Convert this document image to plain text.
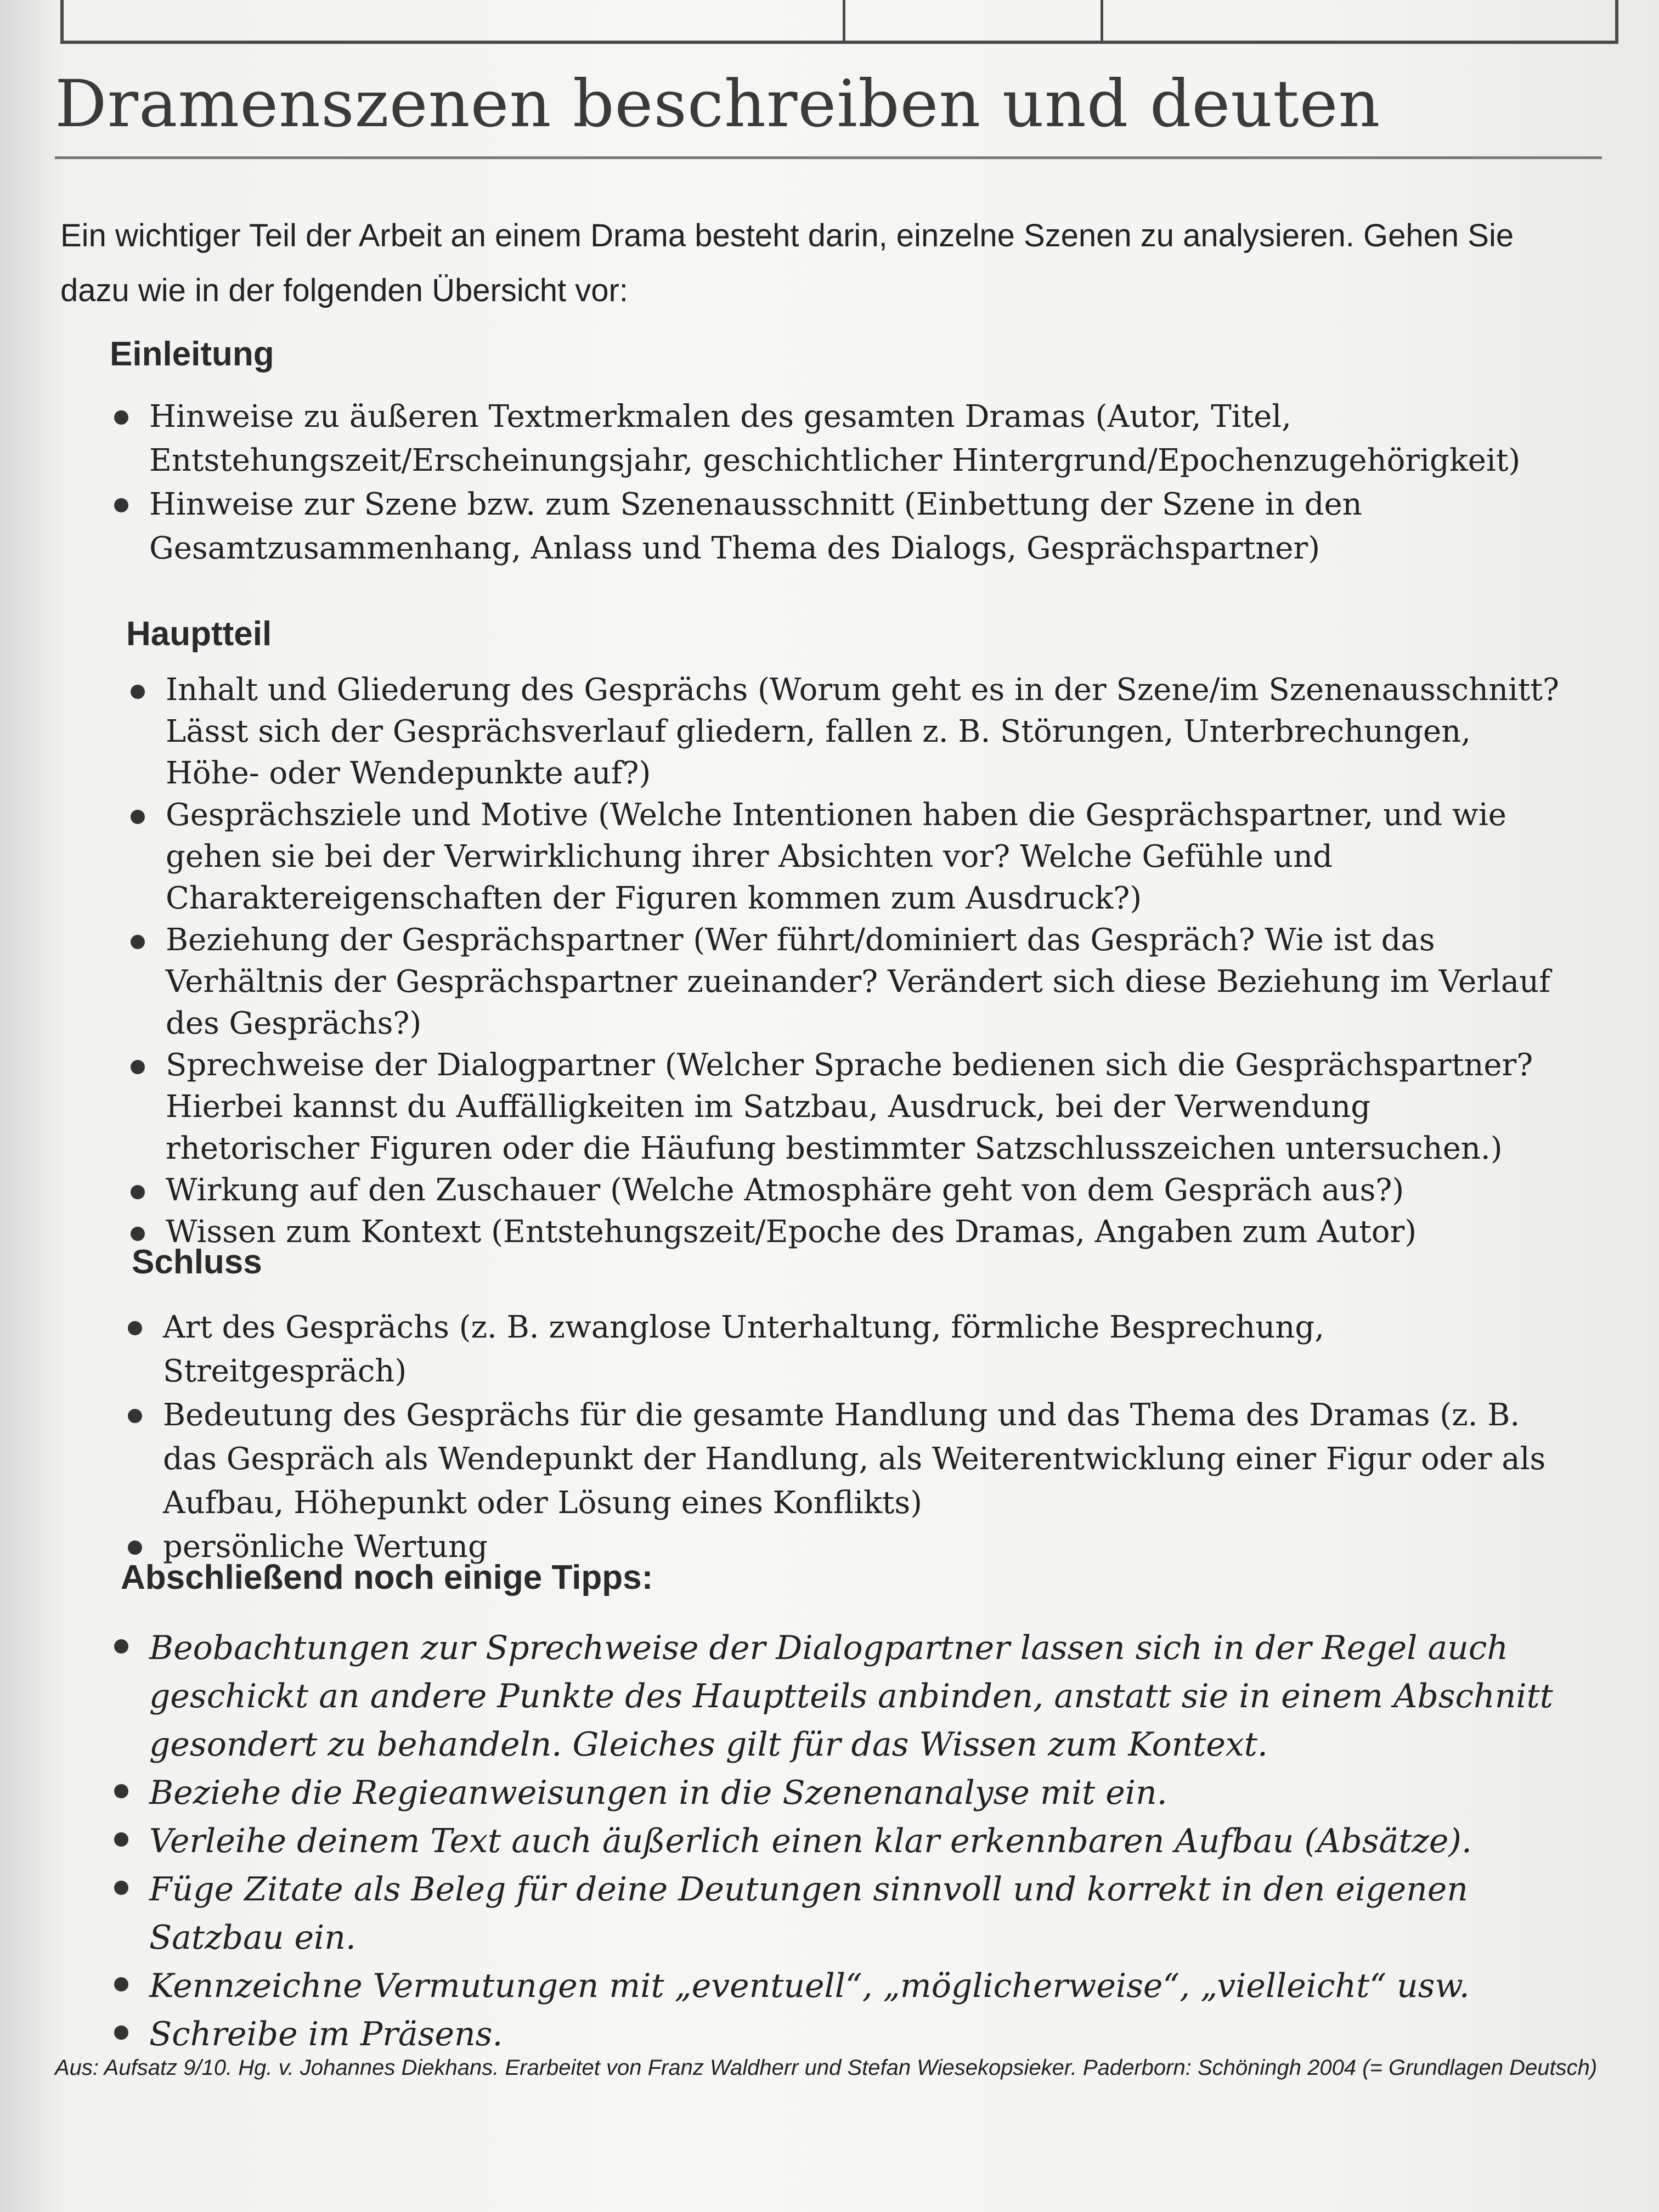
Dramenszenen beschreiben und deuten

Ein wichtiger Teil der Arbeit an einem Drama besteht darin, einzelne Szenen zu analysieren. Gehen Sie dazu wie in der folgenden Übersicht vor:

Einleitung
Hinweise zu äußeren Textmerkmalen des gesamten Dramas (Autor, Titel, Entstehungszeit/Erscheinungsjahr, geschichtlicher Hintergrund/Epochenzugehörigkeit)
Hinweise zur Szene bzw. zum Szenenausschnitt (Einbettung der Szene in den Gesamtzusammenhang, Anlass und Thema des Dialogs, Gesprächspartner)
Hauptteil
Inhalt und Gliederung des Gesprächs (Worum geht es in der Szene/im Szenenausschnitt? Lässt sich der Gesprächsverlauf gliedern, fallen z. B. Störungen, Unterbrechungen, Höhe- oder Wendepunkte auf?)
Gesprächsziele und Motive (Welche Intentionen haben die Gesprächspartner, und wie gehen sie bei der Verwirklichung ihrer Absichten vor? Welche Gefühle und Charaktereigenschaften der Figuren kommen zum Ausdruck?)
Beziehung der Gesprächspartner (Wer führt/dominiert das Gespräch? Wie ist das Verhältnis der Gesprächspartner zueinander? Verändert sich diese Beziehung im Verlauf des Gesprächs?)
Sprechweise der Dialogpartner (Welcher Sprache bedienen sich die Gesprächspartner? Hierbei kannst du Auffälligkeiten im Satzbau, Ausdruck, bei der Verwendung rhetorischer Figuren oder die Häufung bestimmter Satzschlusszeichen untersuchen.)
Wirkung auf den Zuschauer (Welche Atmosphäre geht von dem Gespräch aus?)
Wissen zum Kontext (Entstehungszeit/Epoche des Dramas, Angaben zum Autor)
Schluss
Art des Gesprächs (z. B. zwanglose Unterhaltung, förmliche Besprechung, Streitgespräch)
Bedeutung des Gesprächs für die gesamte Handlung und das Thema des Dramas (z. B. das Gespräch als Wendepunkt der Handlung, als Weiterentwicklung einer Figur oder als Aufbau, Höhepunkt oder Lösung eines Konflikts)
persönliche Wertung
Abschließend noch einige Tipps:
Beobachtungen zur Sprechweise der Dialogpartner lassen sich in der Regel auch geschickt an andere Punkte des Hauptteils anbinden, anstatt sie in einem Abschnitt gesondert zu behandeln. Gleiches gilt für das Wissen zum Kontext.
Beziehe die Regieanweisungen in die Szenenanalyse mit ein.
Verleihe deinem Text auch äußerlich einen klar erkennbaren Aufbau (Absätze).
Füge Zitate als Beleg für deine Deutungen sinnvoll und korrekt in den eigenen Satzbau ein.
Kennzeichne Vermutungen mit „eventuell“, „möglicherweise“, „vielleicht“ usw.
Schreibe im Präsens.

Aus: Aufsatz 9/10. Hg. v. Johannes Diekhans. Erarbeitet von Franz Waldherr und Stefan Wiesekopsieker. Paderborn: Schöningh 2004 (= Grundlagen Deutsch)
